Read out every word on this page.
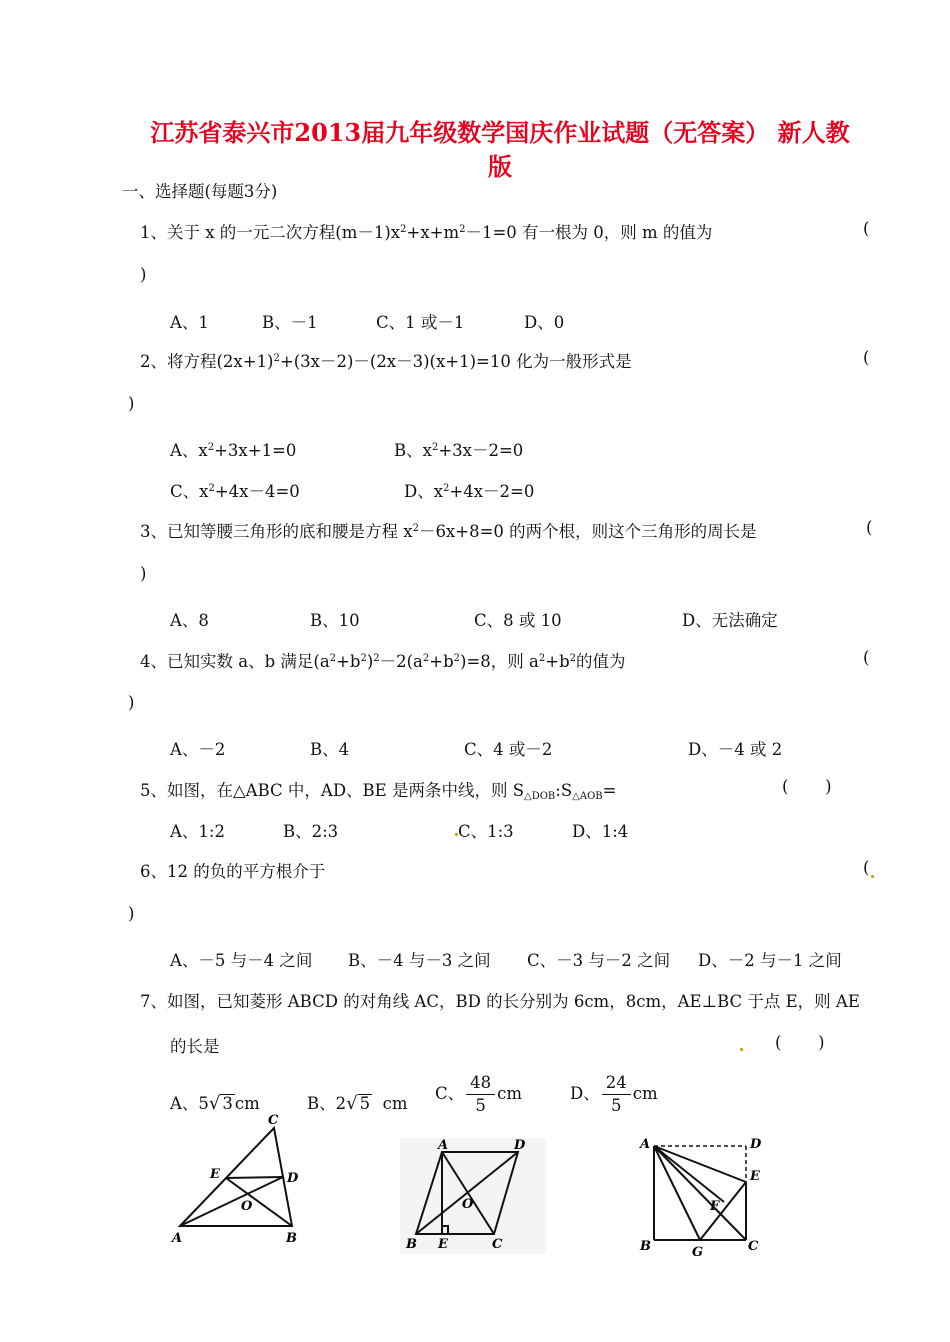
江苏省泰兴市2013届九年级数学国庆作业试题（无答案） 新人教
版
一、选择题(每题3分)
1、关于 x 的一元二次方程$(m-1)x^2+x+m^2-1=0$ 有一根为 0，则 m 的值为	(
)
A、1	B、－1	C、1 或－1	D、0
2、将方程$(2x+1)^2+(3x-2)-(2x-3)(x+1)=10$ 化为一般形式是	(
)
A、$x^2+3x+1=0$	B、$x^2+3x-2=0$
C、$x^2+4x-4=0$	D、$x^2+4x-2=0$
3、已知等腰三角形的底和腰是方程 $x^2-6x+8=0$ 的两个根，则这个三角形的周长是	(
)
A、8	B、10	C、8 或 10	D、无法确定
4、已知实数 a、b 满足$(a^2+b^2)^2-2(a^2+b^2)=8$，则 $a^2+b^2$的值为	(
)
A、－2	B、4	C、4 或－2	D、－4 或 2
5、如图，在△ABC 中，AD、BE 是两条中线，则 $S_{\triangle DOB}:S_{\triangle AOB}=$	(       )
A、1:2	B、2:3	C、1:3	D、1:4
6、12 的负的平方根介于	(
)
A、－5 与－4 之间 B、－4 与－3 之间 C、－3 与－2 之间 D、－2 与－1 之间
7、如图，已知菱形 ABCD 的对角线 AC，BD 的长分别为 6cm，8cm，AE⊥BC 于点 E，则 AE
的长是	(       )
A、5√ 3 cm	B、2√ 5 cm
C、 $\frac{48}{5}$ cm	D、 $\frac{24}{5}$ cm
C
E	D
O
A	B
A	D
O
B E	C
A	D
E
F
B	G	C
